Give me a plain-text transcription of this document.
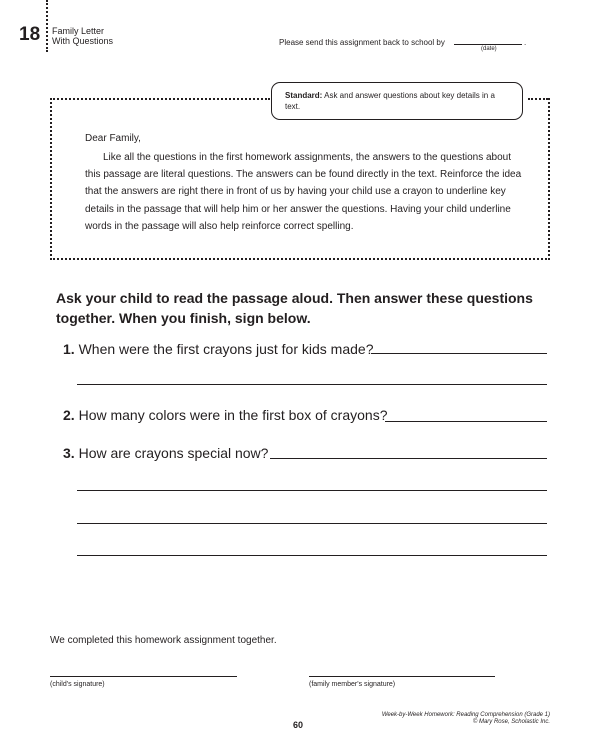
18 Family Letter
With Questions	Please send this assignment back to school by	.
(date)
Standard: Ask and answer questions about key details in a text.
Dear Family,
Like all the questions in the first homework assignments, the answers to the questions about this passage are literal questions. The answers can be found directly in the text. Reinforce the idea that the answers are right there in front of us by having your child use a crayon to underline key details in the passage that will help him or her answer the questions. Having your child underline words in the passage will also help reinforce correct spelling.
Ask your child to read the passage aloud. Then answer these questions together. When you finish, sign below.
1. When were the first crayons just for kids made?
2. How many colors were in the first box of crayons?
3. How are crayons special now?
We completed this homework assignment together.
(child's signature)	(family member's signature)
60
Week-by-Week Homework: Reading Comprehension (Grade 1)
© Mary Rose, Scholastic Inc.
